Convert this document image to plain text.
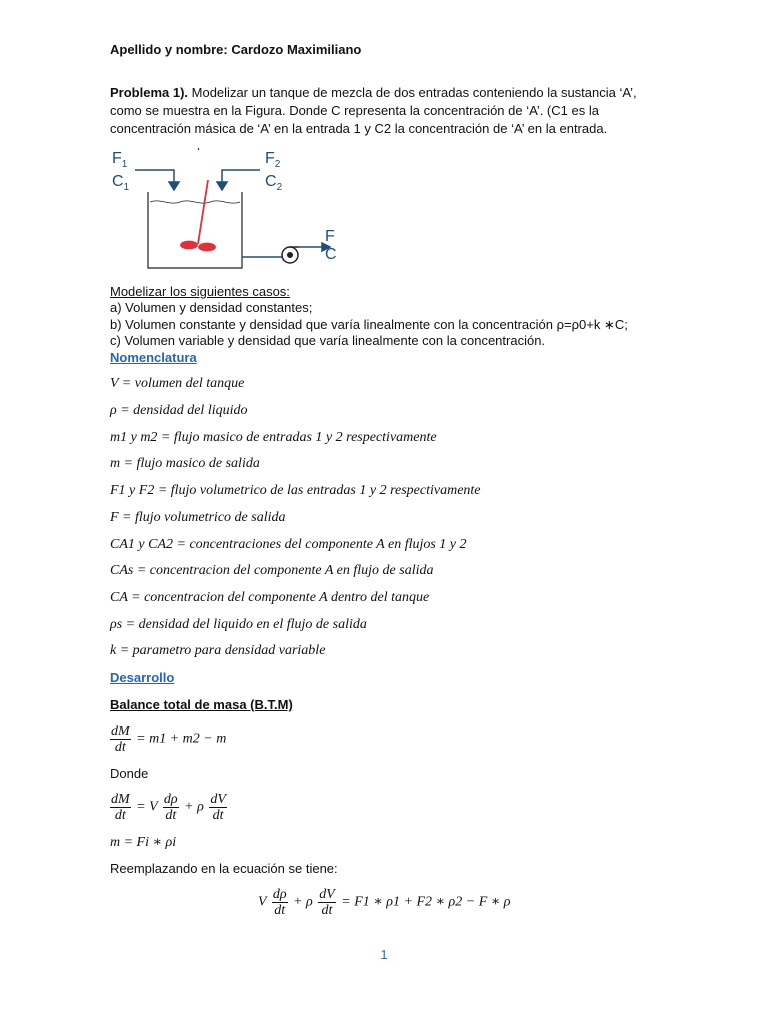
Apellido y nombre: Cardozo Maximiliano
Problema 1). Modelizar un tanque de mezcla de dos entradas conteniendo la sustancia ‘A’,
como se muestra en la Figura. Donde C representa la concentración de ‘A’. (C1 es la
concentración másica de ‘A’ en la entrada 1 y C2 la concentración de ‘A’ en la entrada.
$F_1$
$C_1$
$F_2$
$C_2$
F
C
Modelizar los siguientes casos:
a) Volumen y densidad constantes;
b) Volumen constante y densidad que varía linealmente con la concentración ρ=ρ0+k ∗C;
c) Volumen variable y densidad que varía linealmente con la concentración.
Nomenclatura
V = volumen del tanque
ρ = densidad del liquido
m1 y m2 = flujo masico de entradas 1 y 2 respectivamente
m = flujo masico de salida
F1 y F2 = flujo volumetrico de las entradas 1 y 2 respectivamente
F = flujo volumetrico de salida
CA1 y CA2 = concentraciones del componente A en flujos 1 y 2
CAs = concentracion del componente A en flujo de salida
CA = concentracion del componente A dentro del tanque
ρs = densidad del liquido en el flujo de salida
k = parametro para densidad variable
Desarrollo
Balance total de masa (B.T.M)
$\frac{dM}{dt} = m1 + m2 - m$
Donde
$\frac{dM}{dt} = V \frac{d\rho}{dt} + \rho \frac{dV}{dt}$
m = Fi ∗ ρi
Reemplazando en la ecuación se tiene:
V $\frac{d\rho}{dt} + \rho \frac{dV}{dt} = F1$ ∗ ρ1 + F2 ∗ ρ2 − F ∗ ρ
1
